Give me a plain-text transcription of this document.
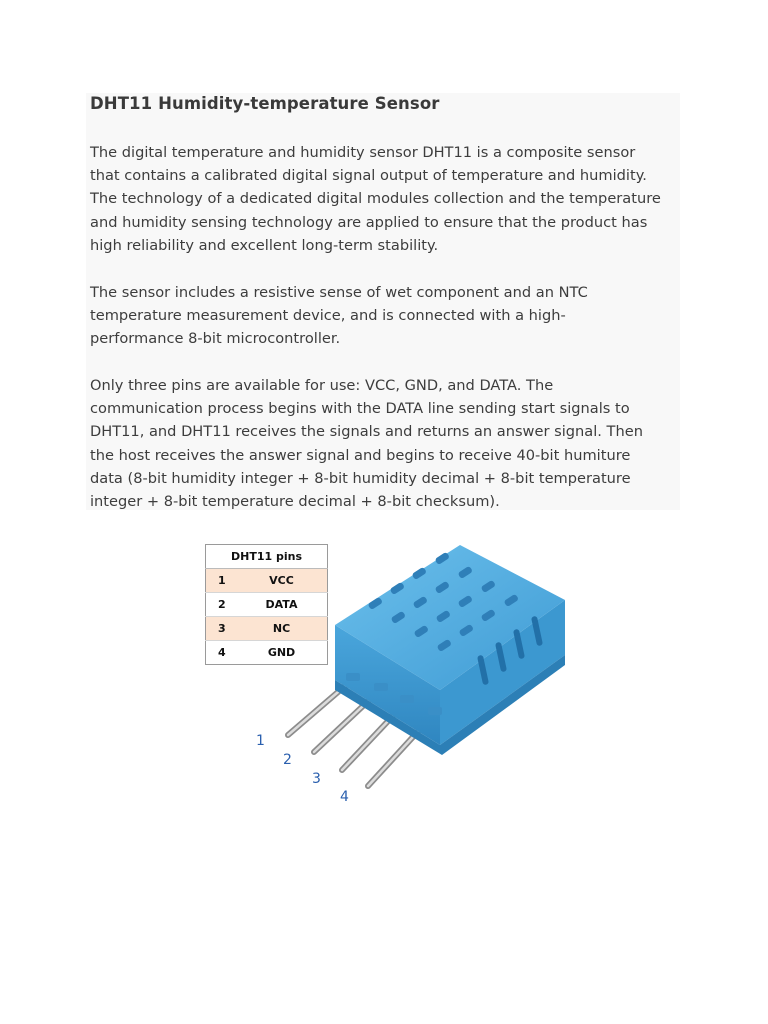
DHT11 Humidity-temperature Sensor

The digital temperature and humidity sensor DHT11 is a composite sensor
that contains a calibrated digital signal output of temperature and humidity.
The technology of a dedicated digital modules collection and the temperature
and humidity sensing technology are applied to ensure that the product has
high reliability and excellent long-term stability.

The sensor includes a resistive sense of wet component and an NTC
temperature measurement device, and is connected with a high-
performance 8-bit microcontroller.

Only three pins are available for use: VCC, GND, and DATA. The
communication process begins with the DATA line sending start signals to
DHT11, and DHT11 receives the signals and returns an answer signal. Then
the host receives the answer signal and begins to receive 40-bit humiture
data (8-bit humidity integer + 8-bit humidity decimal + 8-bit temperature
integer + 8-bit temperature decimal + 8-bit checksum).

DHT11 pins	
1	VCC
2	DATA
3	NC
4	GND
1
2
3
4
